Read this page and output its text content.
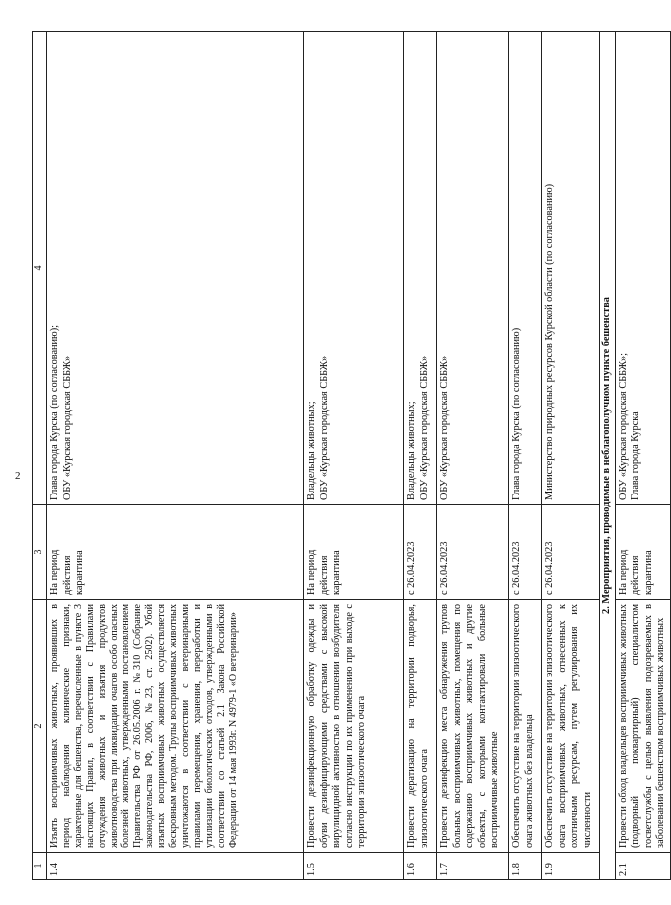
2
1	2	3	4
1.4	Изъять восприимчивых животных, проявивших в период наблюдения клинические признаки, характерные для бешенства, перечисленные в пункте 3 настоящих Правил, в соответствии с Правилами отчуждения животных и изъятия продуктов животноводства при ликвидации очагов особо опасных болезней животных, утвержденными постановлением Правительства РФ от 26.05.2006 г. №310 (Собрание законодательства РФ, 2006, №23, ст. 2502). Убой изъятых восприимчивых животных осуществляется бескровным методом. Трупы восприимчивых животных уничтожаются в соответствии с ветеринарными правилами перемещения, хранения, переработки и утилизации биологических отходов, утвержденными в соответствии со статьей 2.1 Закона Российской Федерации от 14 мая 1993г. N 4979-1 «О ветеринарии»	На период действия карантина	Глава города Курска (по согласованию); ОБУ «Курская городская СББЖ»

1.5	Провести дезинфекционную обработку одежды и обуви дезинфицирующими средствами с высокой вирулицидной активностью в отношении возбудителя согласно инструкции по их применению при выходе с территории эпизоотического очага	На период действия карантина	Владельцы животных; ОБУ «Курская городская СББЖ»

1.6	Провести дератизацию на территории подворья, эпизоотического очага	с 26.04.2023	Владельцы животных; ОБУ «Курская городская СББЖ»

1.7	Провести дезинфекцию места обнаружения трупов больных восприимчивых животных, помещения по содержанию восприимчивых животных и другие объекты, с которыми контактировали больные восприимчивые животные	с 26.04.2023	ОБУ «Курская городская СББЖ»

1.8	Обеспечить отсутствие на территории эпизоотического очага животных без владельца	с 26.04.2023	Глава города Курска (по согласованию)

1.9	Обеспечить отсутствие на территории эпизоотического очага восприимчивых животных, отнесенных к охотничьим ресурсам, путем регулирования их численности	с 26.04.2023	Министерство природных ресурсов Курской области (по согласованию)

2. Мероприятия, проводимые в неблагополучном пункте бешенства			
2.1	Провести обход владельцев восприимчивых животных (подворный поквартирный) специалистом госветслужбы с целью выявления подозреваемых в заболевании бешенством восприимчивых животных	На период действия карантина	ОБУ «Курская городская СББЖ»; Глава города Курска
